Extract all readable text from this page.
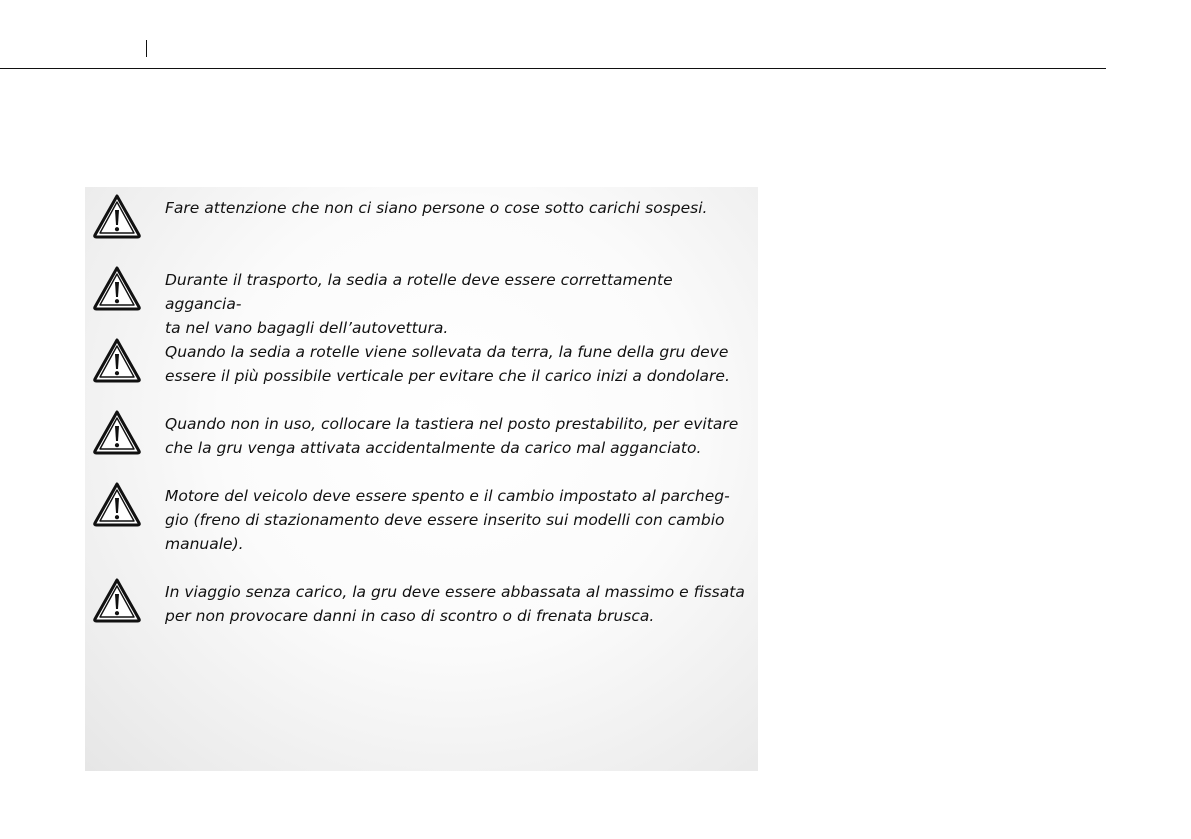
Fare attenzione che non ci siano persone o cose sotto carichi sospesi.

Durante il trasporto, la sedia a rotelle deve essere correttamente aggancia-
ta nel vano bagagli dell’autovettura.

Quando la sedia a rotelle viene sollevata da terra, la fune della gru deve
essere il più possibile verticale per evitare che il carico inizi a dondolare.

Quando non in uso, collocare la tastiera nel posto prestabilito, per evitare
che la gru venga attivata accidentalmente da carico mal agganciato.

Motore del veicolo deve essere spento e il cambio impostato al parcheg-
gio (freno di stazionamento deve essere inserito sui modelli con cambio
manuale).

In viaggio senza carico, la gru deve essere abbassata al massimo e fissata
per non provocare danni in caso di scontro o di frenata brusca.
